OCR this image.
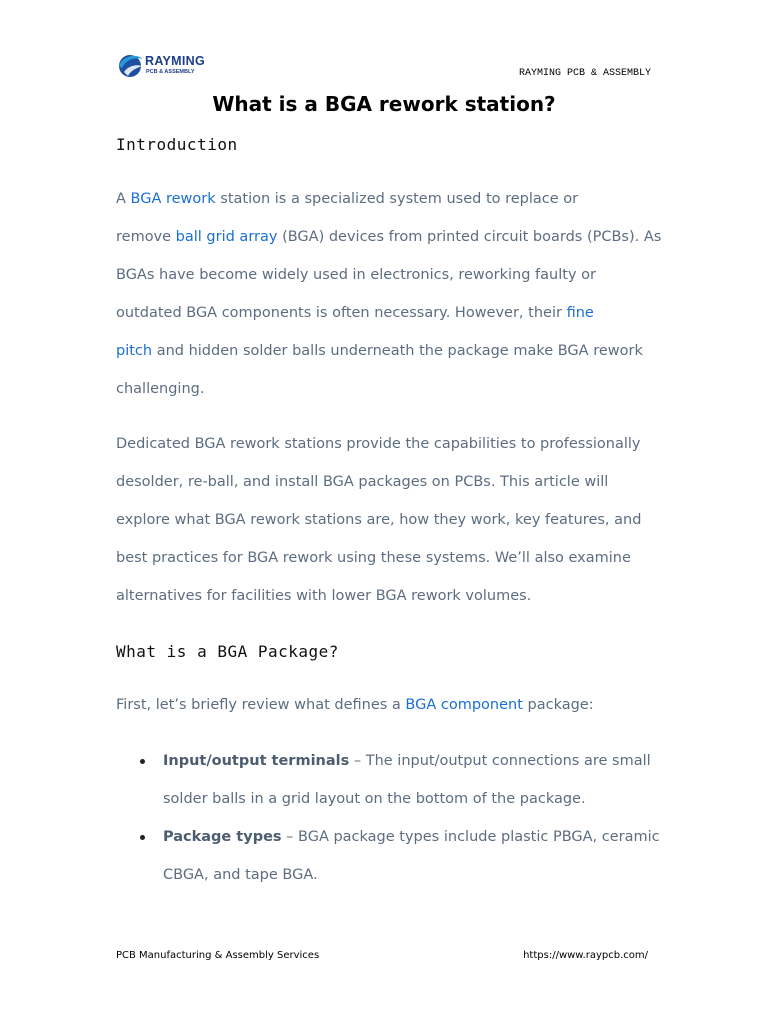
RAYMING
PCB & ASSEMBLY	RAYMING PCB & ASSEMBLY
What is a BGA rework station?
Introduction

A BGA rework station is a specialized system used to replace or
remove ball grid array (BGA) devices from printed circuit boards (PCBs). As
BGAs have become widely used in electronics, reworking faulty or
outdated BGA components is often necessary. However, their fine
pitch and hidden solder balls underneath the package make BGA rework
challenging.

Dedicated BGA rework stations provide the capabilities to professionally
desolder, re-ball, and install BGA packages on PCBs. This article will
explore what BGA rework stations are, how they work, key features, and
best practices for BGA rework using these systems. We’ll also examine
alternatives for facilities with lower BGA rework volumes.

What is a BGA Package?

First, let’s briefly review what defines a BGA component package:

Input/output terminals – The input/output connections are small
solder balls in a grid layout on the bottom of the package.
Package types – BGA package types include plastic PBGA, ceramic
CBGA, and tape BGA.
PCB Manufacturing & Assembly Services	https://www.raypcb.com/
